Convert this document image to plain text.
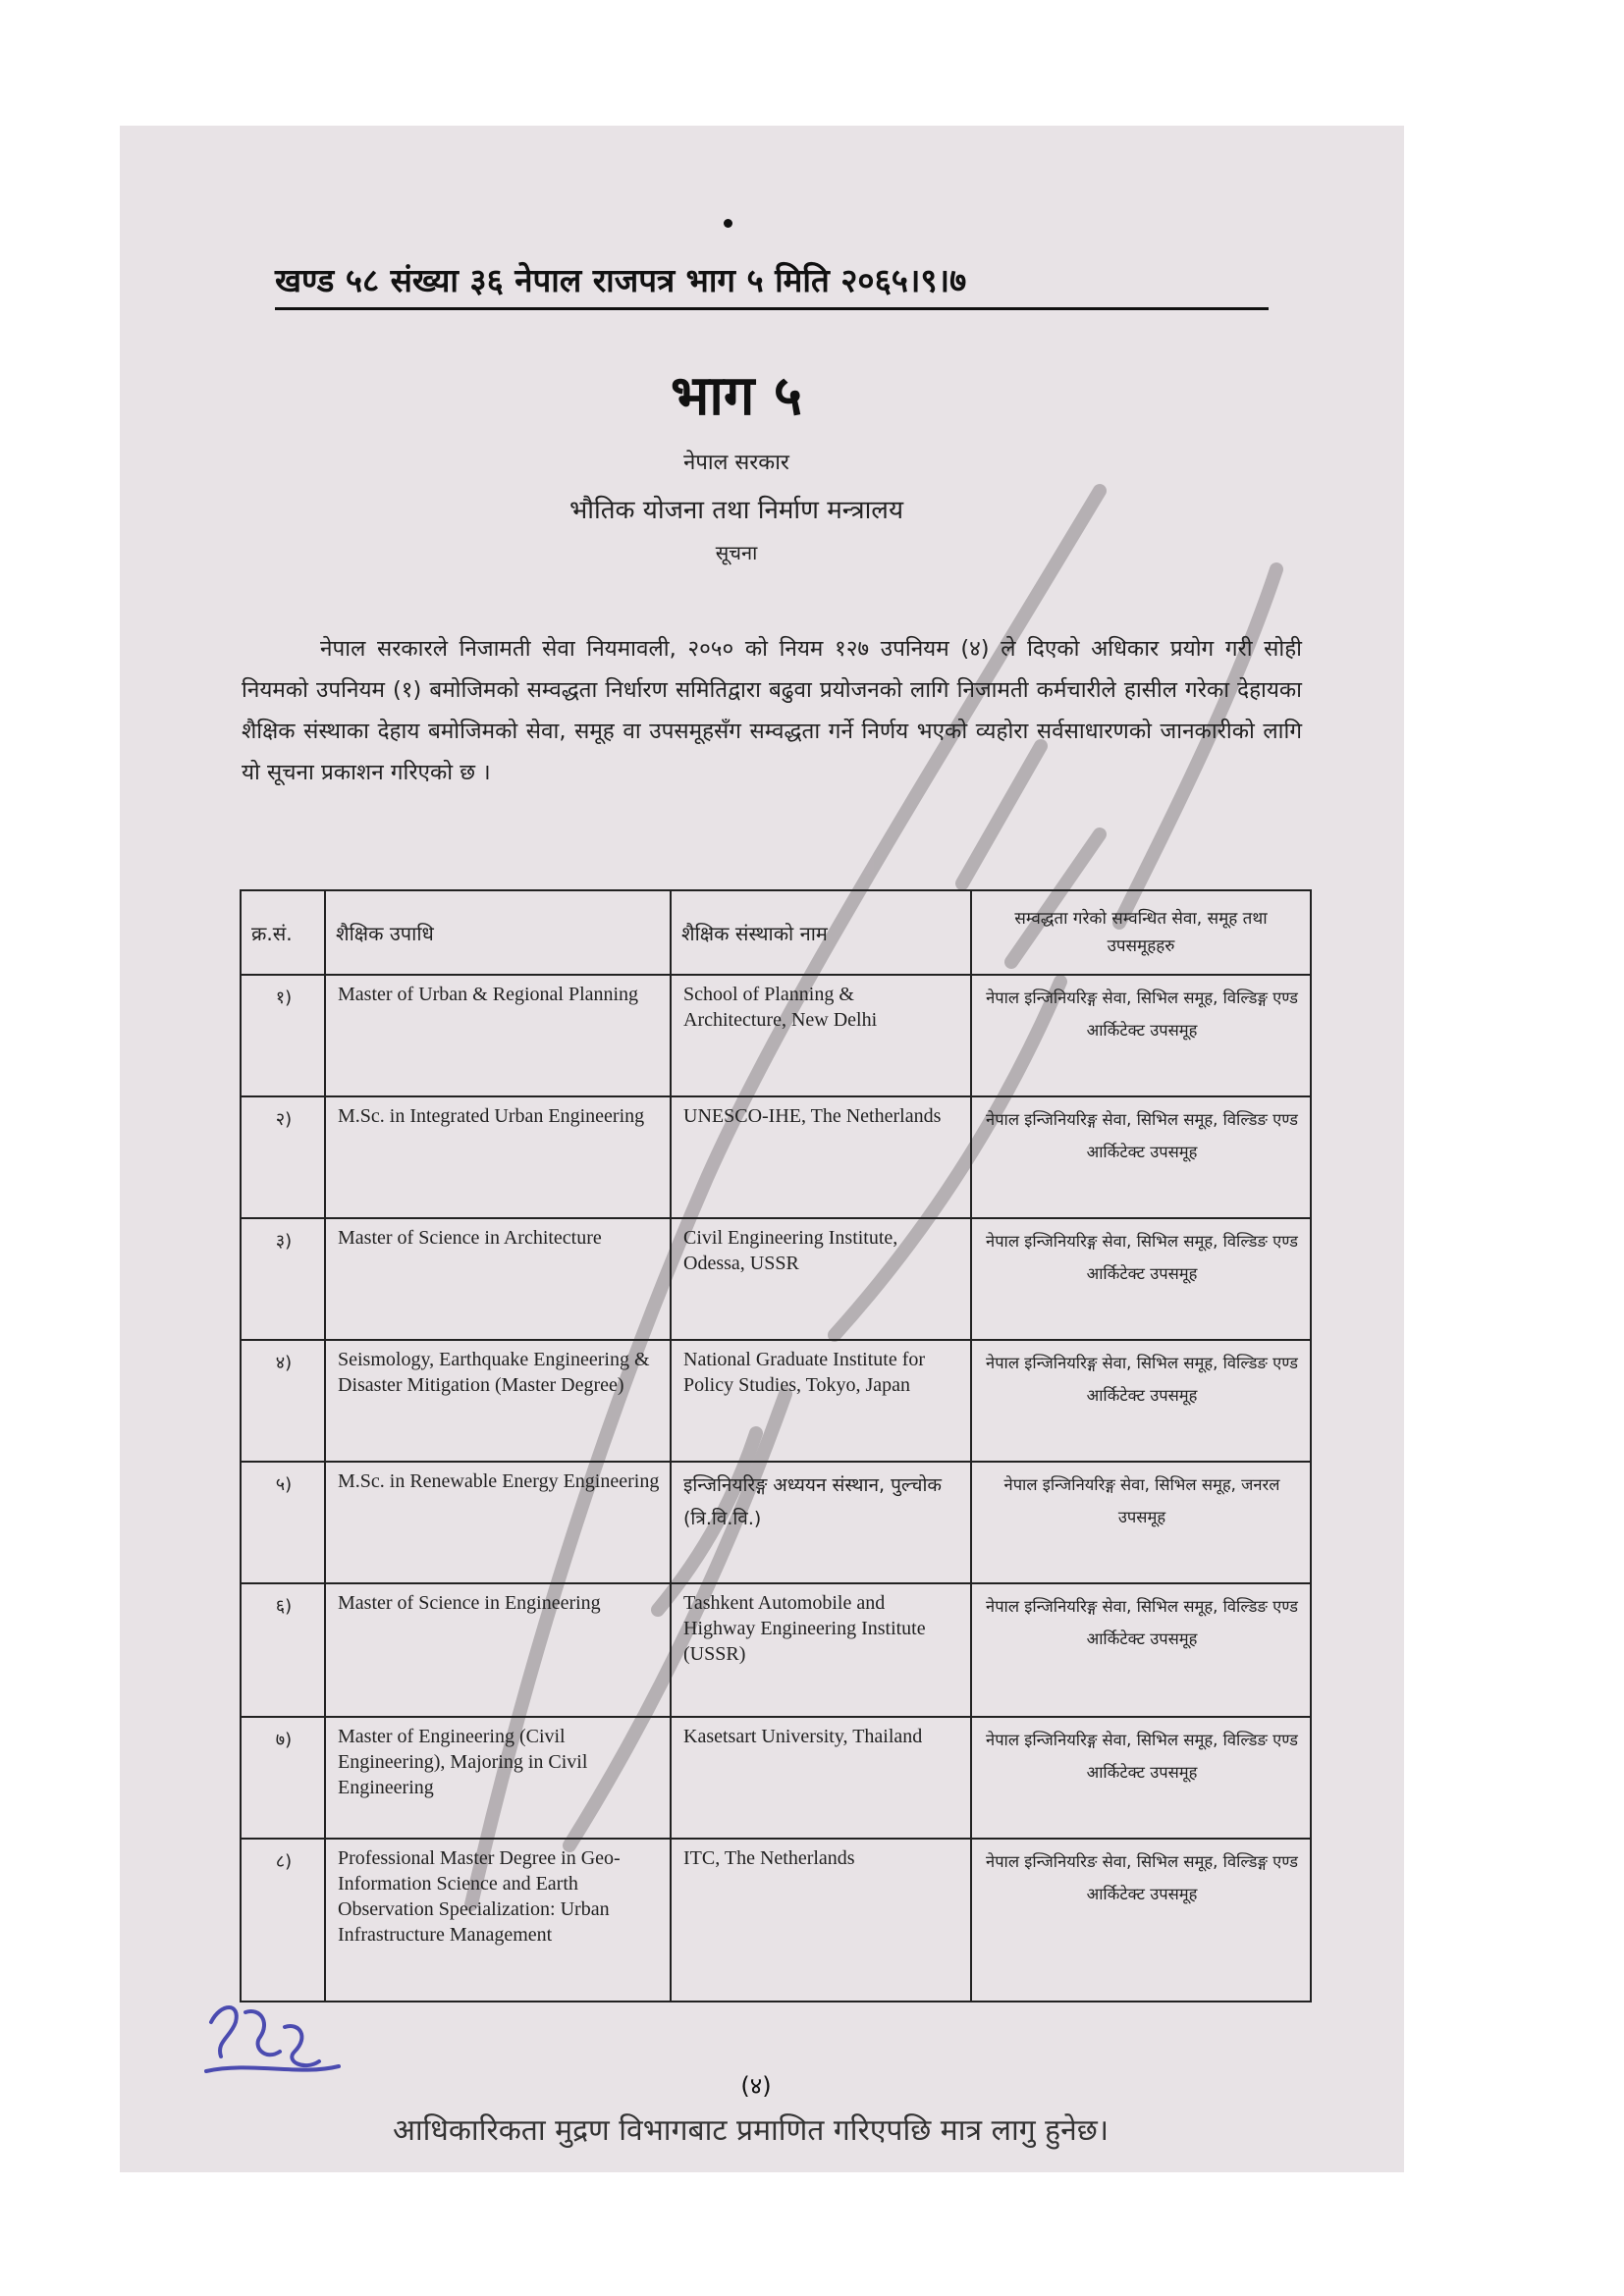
खण्ड ५८ संख्या ३६ नेपाल राजपत्र भाग ५ मिति २०६५।९।७
भाग ५
नेपाल सरकार
भौतिक योजना तथा निर्माण मन्त्रालय
सूचना
नेपाल सरकारले निजामती सेवा नियमावली, २०५० को नियम १२७ उपनियम (४) ले दिएको अधिकार प्रयोग गरी सोही नियमको उपनियम (१) बमोजिमको सम्वद्धता निर्धारण समितिद्वारा बढुवा प्रयोजनको लागि निजामती कर्मचारीले हासील गरेका देहायका शैक्षिक संस्थाका देहाय बमोजिमको सेवा, समूह वा उपसमूहसँग सम्वद्धता गर्ने निर्णय भएको व्यहोरा सर्वसाधारणको जानकारीको लागि यो सूचना प्रकाशन गरिएको छ ।
क्र.सं.	शैक्षिक उपाधि	शैक्षिक संस्थाको नाम	सम्वद्धता गरेको सम्वन्धित सेवा, समूह तथा उपसमूहहरु
१)	Master of Urban & Regional Planning	School of Planning & Architecture, New Delhi	नेपाल इन्जिनियरिङ्ग सेवा, सिभिल समूह, विल्डिङ्ग एण्ड आर्किटेक्ट उपसमूह
२)	M.Sc. in Integrated Urban Engineering	UNESCO-IHE, The Netherlands	नेपाल इन्जिनियरिङ्ग सेवा, सिभिल समूह, विल्डिङ एण्ड आर्किटेक्ट उपसमूह
३)	Master of Science in Architecture	Civil Engineering Institute, Odessa, USSR	नेपाल इन्जिनियरिङ्ग सेवा, सिभिल समूह, विल्डिङ एण्ड आर्किटेक्ट उपसमूह
४)	Seismology, Earthquake Engineering & Disaster Mitigation (Master Degree)	National Graduate Institute for Policy Studies, Tokyo, Japan	नेपाल इन्जिनियरिङ्ग सेवा, सिभिल समूह, विल्डिङ एण्ड आर्किटेक्ट उपसमूह
५)	M.Sc. in Renewable Energy Engineering	इन्जिनियरिङ्ग अध्ययन संस्थान, पुल्चोक (त्रि.वि.वि.)	नेपाल इन्जिनियरिङ्ग सेवा, सिभिल समूह, जनरल उपसमूह
६)	Master of Science in Engineering	Tashkent Automobile and Highway Engineering Institute (USSR)	नेपाल इन्जिनियरिङ्ग सेवा, सिभिल समूह, विल्डिङ एण्ड आर्किटेक्ट उपसमूह
७)	Master of Engineering (Civil Engineering), Majoring in Civil Engineering	Kasetsart University, Thailand	नेपाल इन्जिनियरिङ्ग सेवा, सिभिल समूह, विल्डिङ एण्ड आर्किटेक्ट उपसमूह
८)	Professional Master Degree in Geo-Information Science and Earth Observation Specialization: Urban Infrastructure Management	ITC, The Netherlands	नेपाल इन्जिनियरिङ सेवा, सिभिल समूह, विल्डिङ्ग एण्ड आर्किटेक्ट उपसमूह
(४)
आधिकारिकता मुद्रण विभागबाट प्रमाणित गरिएपछि मात्र लागु हुनेछ।
